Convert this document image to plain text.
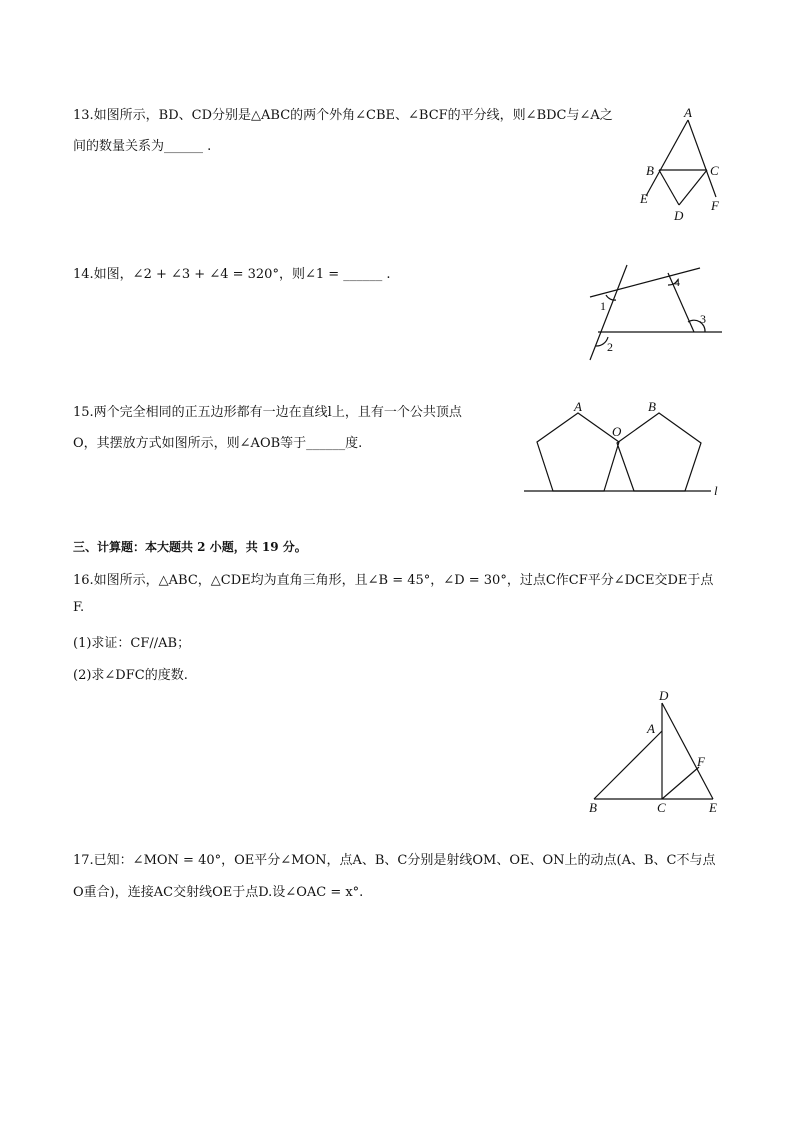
13.如图所示，BD、CD分别是△ABC的两个外角∠CBE、∠BCF的平分线，则∠BDC与∠A之
间的数量关系为______ .
A
B	C
D
E	F
14.如图，∠2 + ∠3 + ∠4 = 320°，则∠1 = ______ .
1
2
3
4
15.两个完全相同的正五边形都有一边在直线l上，且有一个公共顶点
O，其摆放方式如图所示，则∠AOB等于______度.
A	B
O
l
三、计算题：本大题共 2 小题，共 19 分。
16.如图所示，△ABC，△CDE均为直角三角形，且∠B = 45°，∠D = 30°，过点C作CF平分∠DCE交DE于点
F.
(1)求证：CF//AB；
(2)求∠DFC的度数.
D
A
F
B	C	E
17.已知：∠MON = 40°，OE平分∠MON，点A、B、C分别是射线OM、OE、ON上的动点(A、B、C不与点
O重合)，连接AC交射线OE于点D.设∠OAC = x°.
